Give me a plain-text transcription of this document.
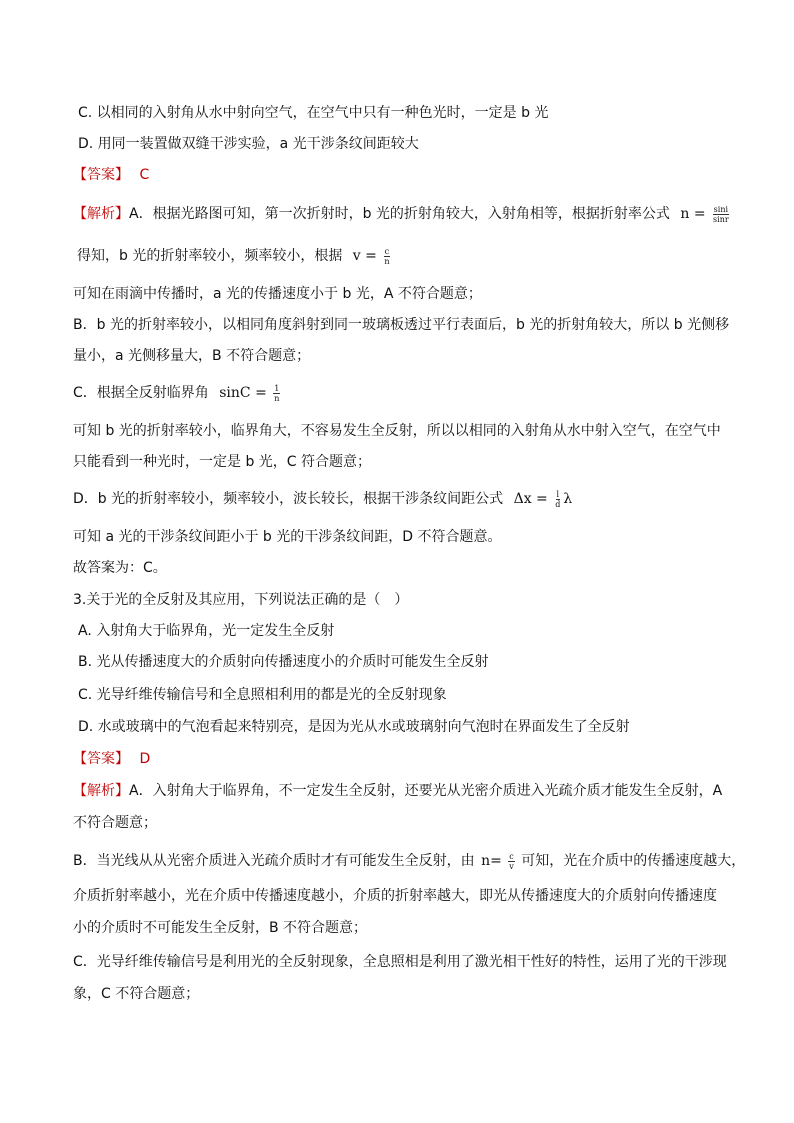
C. 以相同的入射角从水中射向空气，在空气中只有一种色光时，一定是 b 光
D. 用同一装置做双缝干涉实验，a 光干涉条纹间距较大
【答案】 C
【解析】A．根据光路图可知，第一次折射时，b 光的折射角较大，入射角相等，根据折射率公式 $n = \frac{\sin i}{\sin r}$
得知，b 光的折射率较小，频率较小，根据 $v = \frac{c}{n}$
可知在雨滴中传播时，a 光的传播速度小于 b 光，A 不符合题意；
B．b 光的折射率较小，以相同角度斜射到同一玻璃板透过平行表面后，b 光的折射角较大，所以 b 光侧移
量小，a 光侧移量大，B 不符合题意；
C．根据全反射临界角 $\sin C = \frac{1}{n}$
可知 b 光的折射率较小，临界角大，不容易发生全反射，所以以相同的入射角从水中射入空气，在空气中
只能看到一种光时，一定是 b 光，C 符合题意；
D．b 光的折射率较小，频率较小，波长较长，根据干涉条纹间距公式 $\Delta x = \frac{l}{d}$ λ
可知 a 光的干涉条纹间距小于 b 光的干涉条纹间距，D 不符合题意。
故答案为：C。
3.关于光的全反射及其应用，下列说法正确的是（　）
A. 入射角大于临界角，光一定发生全反射
B. 光从传播速度大的介质射向传播速度小的介质时可能发生全反射
C. 光导纤维传输信号和全息照相利用的都是光的全反射现象
D. 水或玻璃中的气泡看起来特别亮，是因为光从水或玻璃射向气泡时在界面发生了全反射
【答案】 D
【解析】A．入射角大于临界角，不一定发生全反射，还要光从光密介质进入光疏介质才能发生全反射，A
不符合题意；
B．当光线从从光密介质进入光疏介质时才有可能发生全反射，由 $n= \frac{c}{v}$ 可知，光在介质中的传播速度越大，
介质折射率越小，光在介质中传播速度越小，介质的折射率越大，即光从传播速度大的介质射向传播速度
小的介质时不可能发生全反射，B 不符合题意；
C．光导纤维传输信号是利用光的全反射现象，全息照相是利用了激光相干性好的特性，运用了光的干涉现
象，C 不符合题意；
